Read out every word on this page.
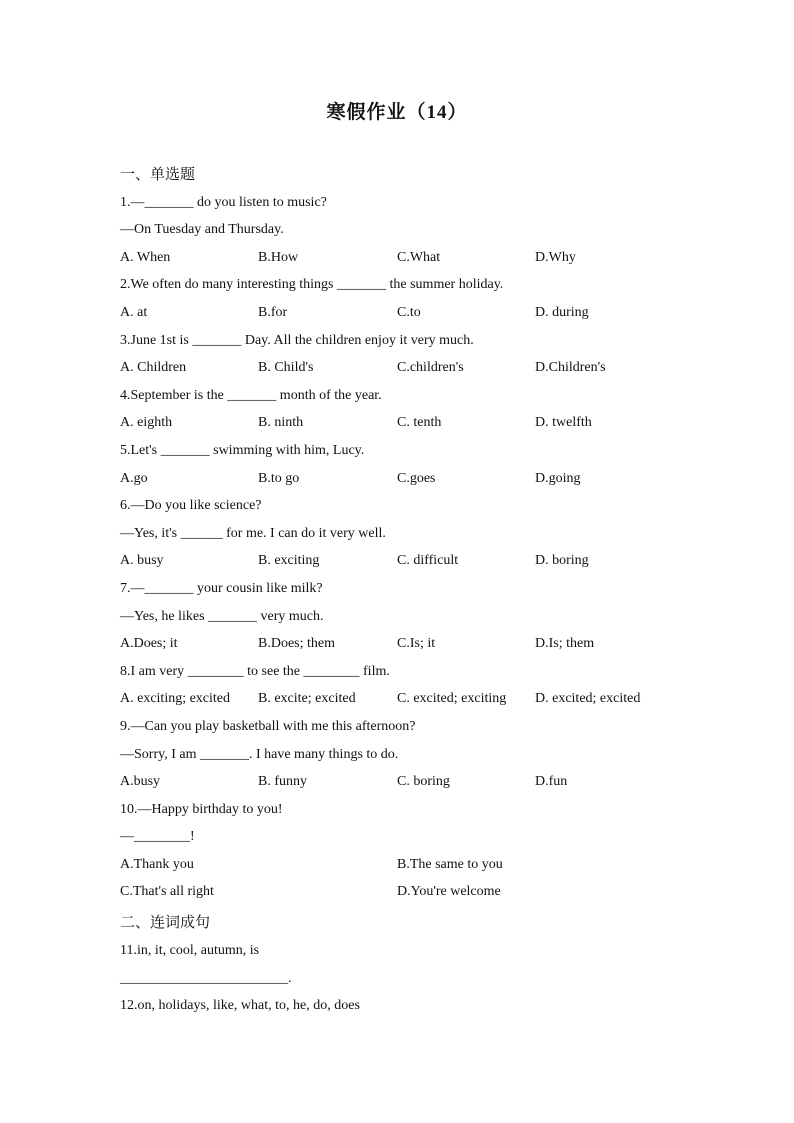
寒假作业（14）
一、单选题
1.—_______ do you listen to music?
—On Tuesday and Thursday.
A. When	B.How	C.What	D.Why
2.We often do many interesting things _______ the summer holiday.
A. at	B.for	C.to	D. during
3.June 1st is _______ Day. All the children enjoy it very much.
A. Children	B. Child's	C.children's	D.Children's
4.September is the _______ month of the year.
A. eighth	B. ninth	C. tenth	D. twelfth
5.Let's _______ swimming with him, Lucy.
A.go	B.to go	C.goes	D.going
6.—Do you like science?
—Yes, it's ______ for me. I can do it very well.
A. busy	B. exciting	C. difficult	D. boring
7.—_______ your cousin like milk?
—Yes, he likes _______ very much.
A.Does; it	B.Does; them	C.Is; it	D.Is; them
8.I am very ________ to see the ________ film.
A. exciting; excited B. excite; excited	C. excited; exciting D. excited; excited
9.—Can you play basketball with me this afternoon?
—Sorry, I am _______. I have many things to do.
A.busy	B. funny	C. boring	D.fun
10.—Happy birthday to you!
—________!
A.Thank you	B.The same to you
C.That's all right	D.You're welcome
二、连词成句
11.in, it, cool, autumn, is
________________________.
12.on, holidays, like, what, to, he, do, does
